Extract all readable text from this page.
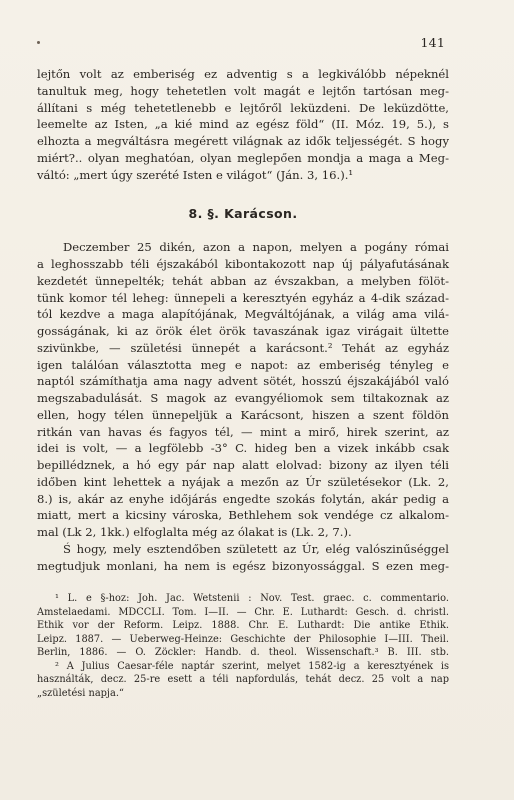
141
lejtőn volt az emberiség ez adventig s a legkiválóbb népeknél
tanultuk meg, hogy tehetetlen volt magát e lejtőn tartósan meg-
állítani s még tehetetlenebb e lejtőről leküzdeni. De leküzdötte,
leemelte az Isten, „a kié mind az egész föld“ (II. Móz. 19, 5.), s
elhozta a megváltásra megérett világnak az idők teljességét. S hogy
miért?.. olyan meghatóan, olyan meglepően mondja a maga a Meg-
váltó: „mert úgy szerété Isten e világot“ (Ján. 3, 16.).¹
8. §. Karácson.
Deczember 25 dikén, azon a napon, melyen a pogány római
a leghosszabb téli éjszakából kibontakozott nap új pályafutásának
kezdetét ünnepelték; tehát abban az évszakban, a melyben fölöt-
tünk komor tél leheg: ünnepeli a keresztyén egyház a 4-dik század-
tól kezdve a maga alapítójának, Megváltójának, a világ ama vilá-
gosságának, ki az örök élet örök tavaszának igaz virágait ültette
szivünkbe, — születési ünnepét a karácsont.² Tehát az egyház
igen találóan választotta meg e napot: az emberiség tényleg e
naptól számíthatja ama nagy advent sötét, hosszú éjszakájából való
megszabadulását. S magok az evangyéliomok sem tiltakoznak az
ellen, hogy télen ünnepeljük a Karácsont, hiszen a szent földön
ritkán van havas és fagyos tél, — mint a mirő, hirek szerint, az
idei is volt, — a legfölebb -3° C. hideg ben a vizek inkább csak
bepillédznek, a hó egy pár nap alatt elolvad: bizony az ilyen téli
időben kint lehettek a nyájak a mezőn az Úr születésekor (Lk. 2,
8.) is, akár az enyhe időjárás engedte szokás folytán, akár pedig a
miatt, mert a kicsiny városka, Bethlehem sok vendége cz alkalom-
mal (Lk 2, 1kk.) elfoglalta még az ólakat is (Lk. 2, 7.).
Ś hogy, mely esztendőben született az Úr, elég valószinűséggel
megtudjuk monlani, ha nem is egész bizonyossággal. S ezen meg-
¹ L. e §-hoz: Joh. Jac. Wetstenii : Nov. Test. graec. c. commentario.
Amstelaedami. MDCCLI. Tom. I—II. — Chr. E. Luthardt: Gesch. d. christl.
Ethik vor der Reform. Leipz. 1888. Chr. E. Luthardt: Die antike Ethik.
Leipz. 1887. — Ueberweg-Heinze: Geschichte der Philosophie I—III. Theil.
Berlin, 1886. — O. Zöckler: Handb. d. theol. Wissenschaft.³ B. III. stb.
² A Julius Caesar-féle naptár szerint, melyet 1582-ig a keresztyének is
használták, decz. 25-re esett a téli napfordulás, tehát decz. 25 volt a nap
„születési napja.“
